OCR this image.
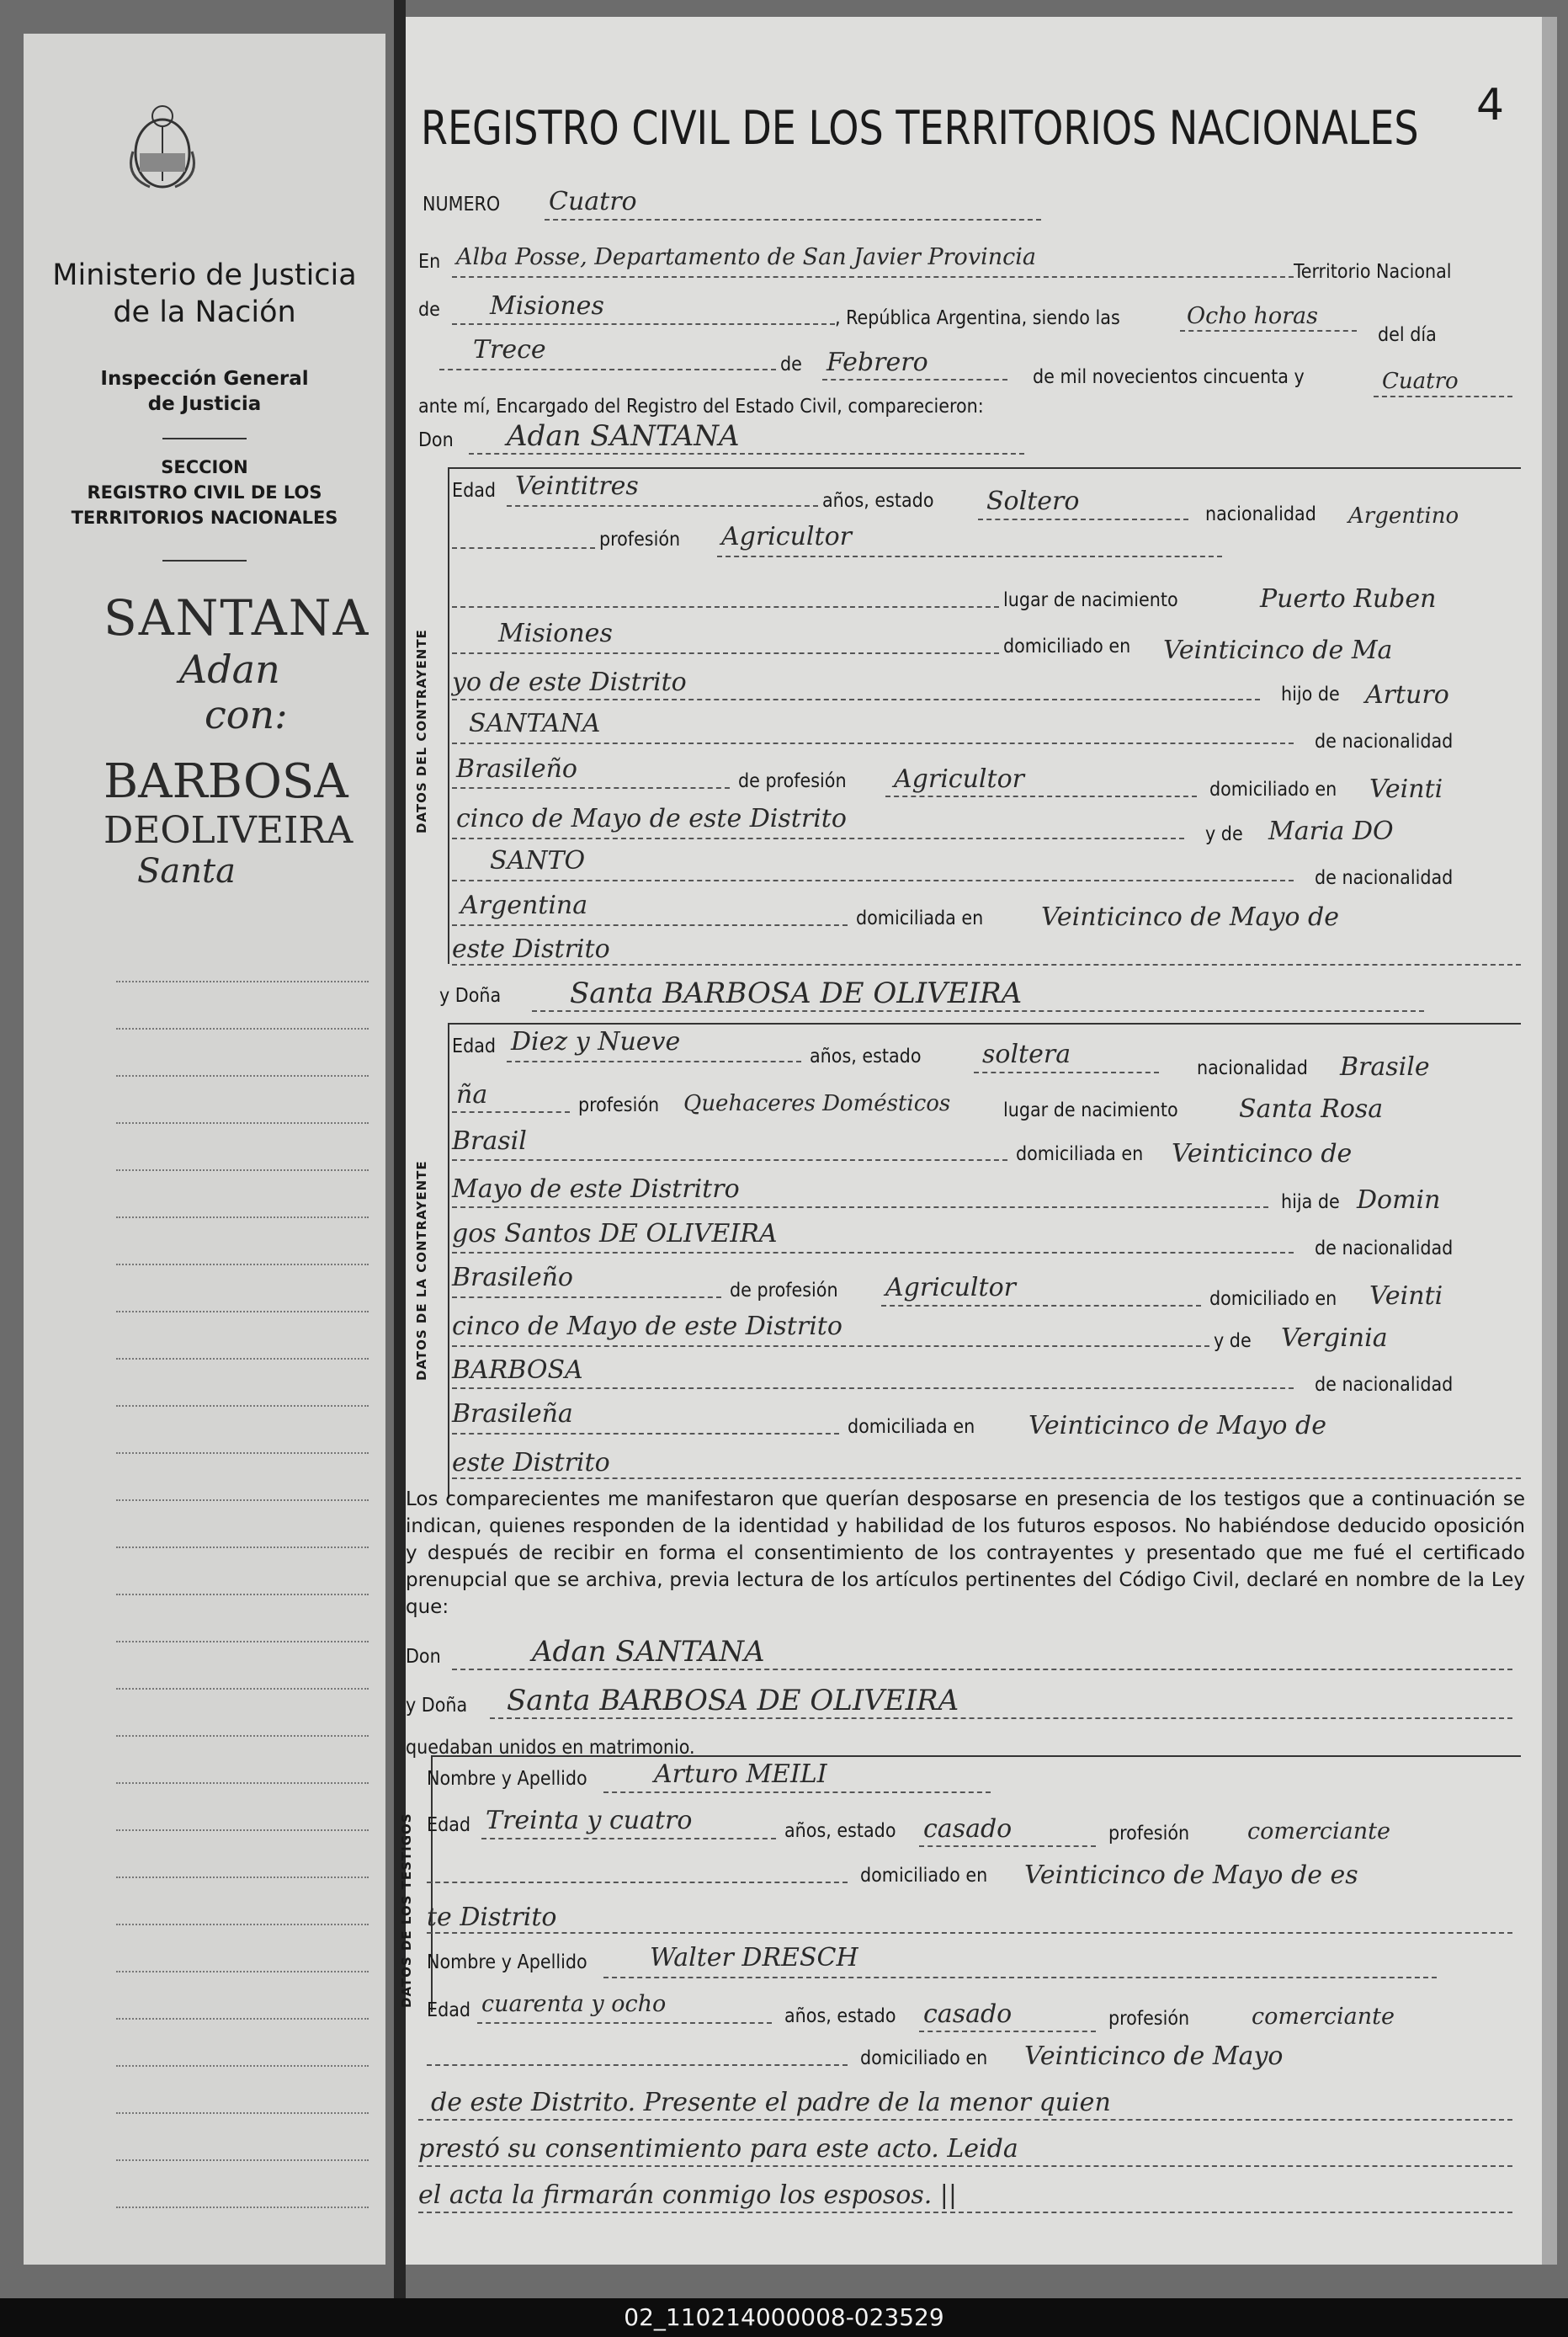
Ministerio de Justicia
de la Nación
Inspección General
de Justicia
SECCION
REGISTRO CIVIL DE LOS
TERRITORIOS NACIONALES
SANTANA
Adan
con:
BARBOSA
DEOLIVEIRA
Santa
REGISTRO CIVIL DE LOS TERRITORIOS NACIONALES 4
NUMERO Cuatro
En Alba Posse, Departamento de San Javier Provincia
Territorio Nacional
de Misiones	, República Argentina, siendo las	Ocho horas
del día
Trece	de Febrero	de mil novecientos cincuenta y	Cuatro
ante mí, Encargado del Registro del Estado Civil, comparecieron:
Don Adan SANTANA
DATOS DEL CONTRAYENTE
Edad Veintitres	años, estado Soltero	nacionalidad Argentino
profesión Agricultor
lugar de nacimiento	Puerto Ruben
Misiones	domiciliado en Veinticinco de Ma
yo de este Distrito	hijo de Arturo
SANTANA
de nacionalidad
Brasileño	de profesión Agricultor	domiciliado en Veinti
cinco de Mayo de este Distrito
y de Maria DO
SANTO
de nacionalidad
Argentina	domiciliada en Veinticinco de Mayo de
este Distrito
y Doña Santa BARBOSA DE OLIVEIRA
DATOS DE LA CONTRAYENTE
Edad Diez y Nueve	años, estado soltera	nacionalidad Brasile
ña	profesión Quehaceres Domésticos	lugar de nacimiento Santa Rosa
Brasil	domiciliada en Veinticinco de
Mayo de este Distritro	hija de Domin
gos Santos DE OLIVEIRA	de nacionalidad
Brasileño	de profesión Agricultor	domiciliado en Veinti
cinco de Mayo de este Distrito	y de Verginia
BARBOSA	de nacionalidad
Brasileña	domiciliada en Veinticinco de Mayo de
este Distrito

Los comparecientes me manifestaron que querían desposarse en presencia de los testigos que a continuación se indican, quienes responden de la identidad y habilidad de los futuros esposos. No habiéndose deducido oposición y después de recibir en forma el consentimiento de los contrayentes y presentado que me fué el certificado prenupcial que se archiva, previa lectura de los artículos pertinentes del Código Civil, declaré en nombre de la Ley que:

Don	Adan SANTANA
y Doña Santa BARBOSA DE OLIVEIRA
quedaban unidos en matrimonio.
DATOS DE LOS TESTIGOS
Nombre y Apellido	Arturo MEILI
Edad Treinta y cuatro	años, estado casado	profesión	comerciante
domiciliado en Veinticinco de Mayo de es
te Distrito
Nombre y Apellido Walter DRESCH
Edad cuarenta y ocho	años, estado casado	profesión	comerciante
domiciliado en Veinticinco de Mayo
de este Distrito. Presente el padre de la menor quien
prestó su consentimiento para este acto. Leida
el acta la firmarán conmigo los esposos. ||
02_110214000008-023529
